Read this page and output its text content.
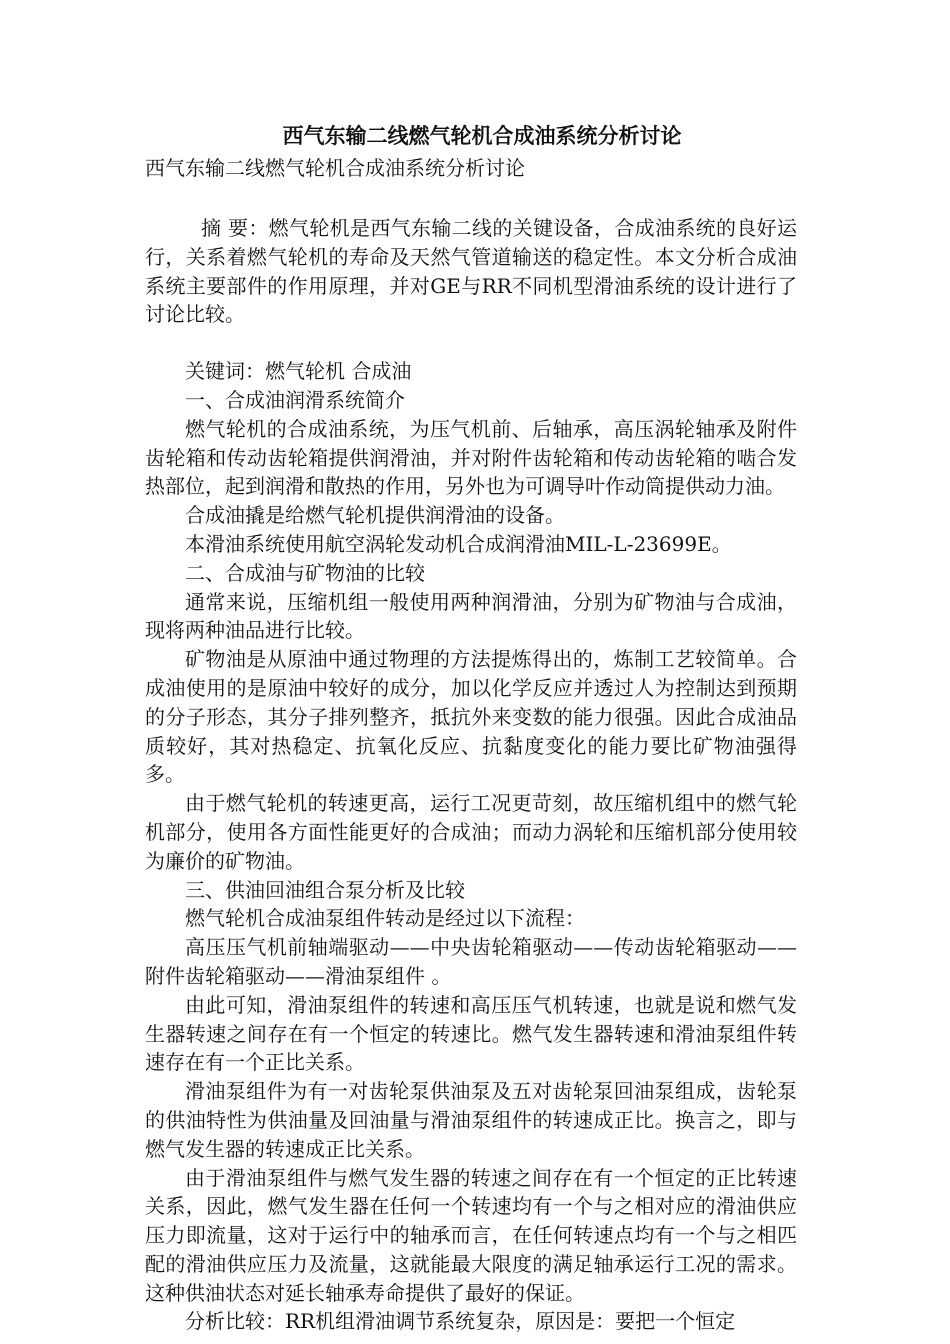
西气东输二线燃气轮机合成油系统分析讨论
西气东输二线燃气轮机合成油系统分析讨论

摘 要：燃气轮机是西气东输二线的关键设备，合成油系统的良好运行，关系着燃气轮机的寿命及天然气管道输送的稳定性。本文分析合成油系统主要部件的作用原理，并对GE与RR不同机型滑油系统的设计进行了讨论比较。

关键词：燃气轮机 合成油

一、合成油润滑系统简介

燃气轮机的合成油系统，为压气机前、后轴承，高压涡轮轴承及附件齿轮箱和传动齿轮箱提供润滑油，并对附件齿轮箱和传动齿轮箱的啮合发热部位，起到润滑和散热的作用，另外也为可调导叶作动筒提供动力油。

合成油撬是给燃气轮机提供润滑油的设备。

本滑油系统使用航空涡轮发动机合成润滑油MIL-L-23699E。

二、合成油与矿物油的比较

通常来说，压缩机组一般使用两种润滑油，分别为矿物油与合成油，现将两种油品进行比较。

矿物油是从原油中通过物理的方法提炼得出的，炼制工艺较简单。合成油使用的是原油中较好的成分，加以化学反应并透过人为控制达到预期的分子形态，其分子排列整齐，抵抗外来变数的能力很强。因此合成油品质较好，其对热稳定、抗氧化反应、抗黏度变化的能力要比矿物油强得多。

由于燃气轮机的转速更高，运行工况更苛刻，故压缩机组中的燃气轮机部分，使用各方面性能更好的合成油；而动力涡轮和压缩机部分使用较为廉价的矿物油。

三、供油回油组合泵分析及比较

燃气轮机合成油泵组件转动是经过以下流程：

高压压气机前轴端驱动——中央齿轮箱驱动——传动齿轮箱驱动——附件齿轮箱驱动——滑油泵组件 。

由此可知，滑油泵组件的转速和高压压气机转速，也就是说和燃气发生器转速之间存在有一个恒定的转速比。燃气发生器转速和滑油泵组件转速存在有一个正比关系。

滑油泵组件为有一对齿轮泵供油泵及五对齿轮泵回油泵组成，齿轮泵的供油特性为供油量及回油量与滑油泵组件的转速成正比。换言之，即与燃气发生器的转速成正比关系。

由于滑油泵组件与燃气发生器的转速之间存在有一个恒定的正比转速关系，因此，燃气发生器在任何一个转速均有一个与之相对应的滑油供应压力即流量，这对于运行中的轴承而言，在任何转速点均有一个与之相匹配的滑油供应压力及流量，这就能最大限度的满足轴承运行工况的需求。这种供油状态对延长轴承寿命提供了最好的保证。

分析比较：RR机组滑油调节系统复杂，原因是：要把一个恒定
